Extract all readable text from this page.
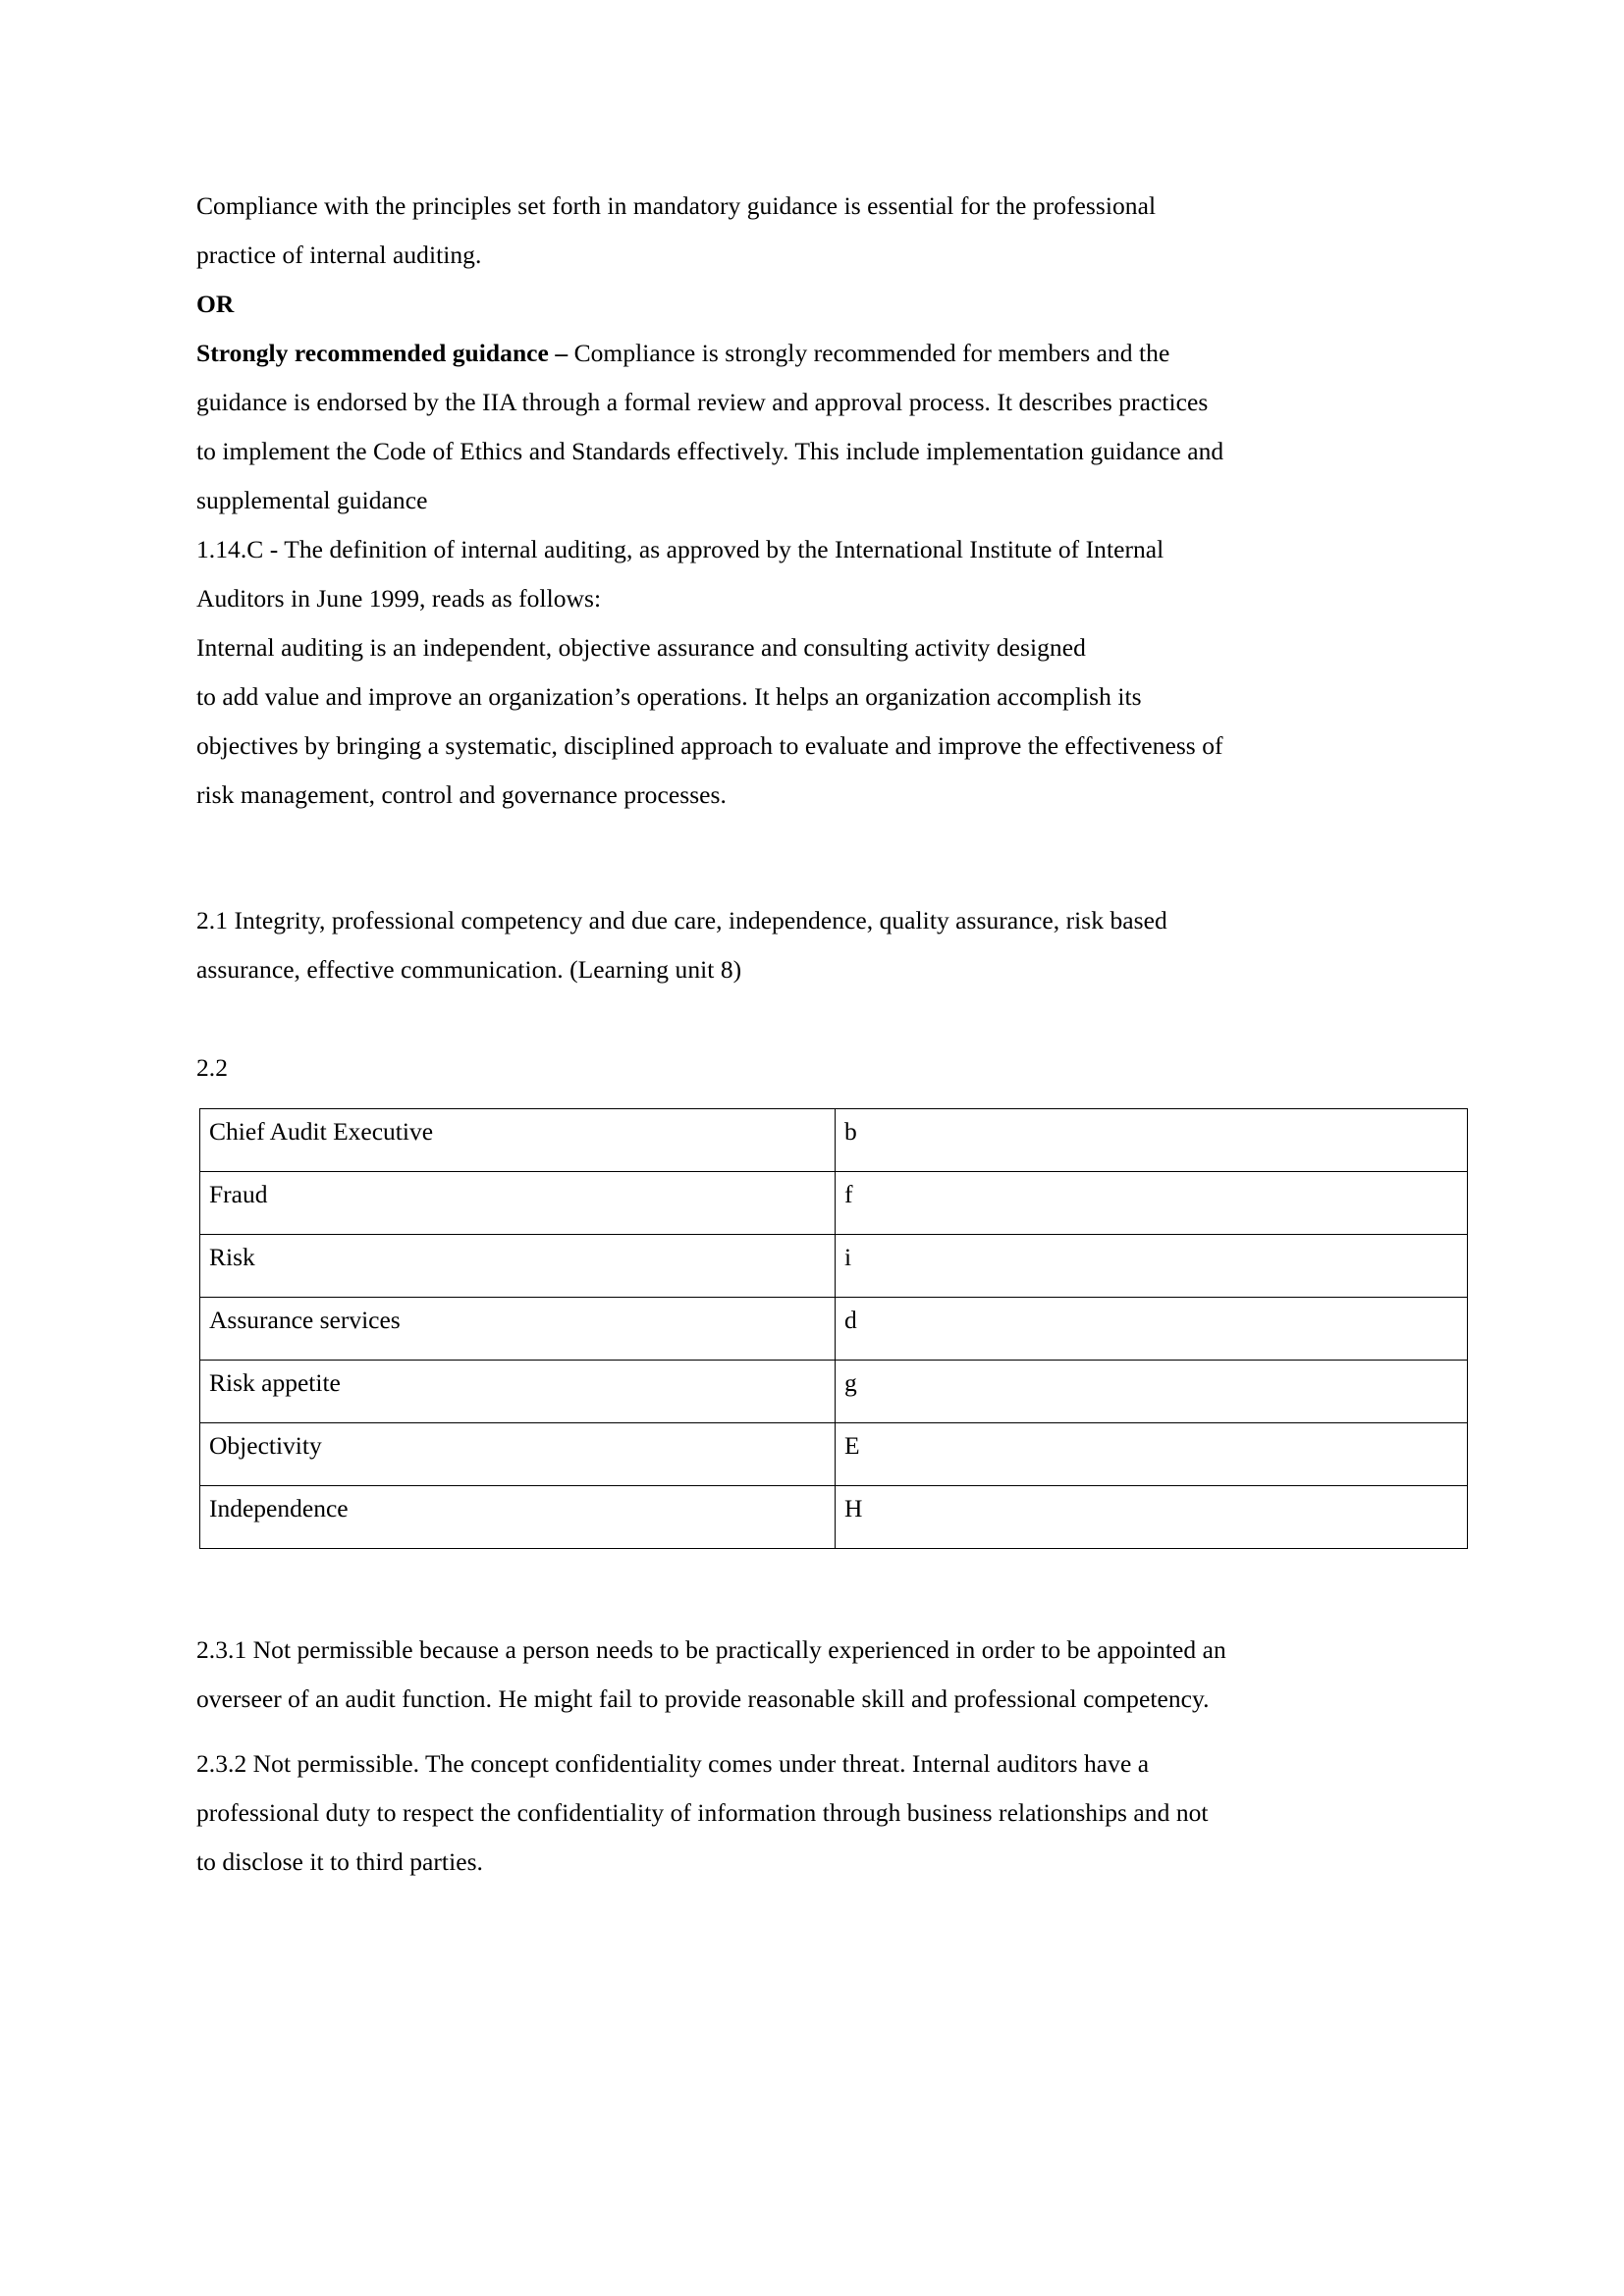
Compliance with the principles set forth in mandatory guidance is essential for the professional
practice of internal auditing.
OR
Strongly recommended guidance – Compliance is strongly recommended for members and the
guidance is endorsed by the IIA through a formal review and approval process. It describes practices
to implement the Code of Ethics and Standards effectively. This include implementation guidance and
supplemental guidance
1.14.C - The definition of internal auditing, as approved by the International Institute of Internal
Auditors in June 1999, reads as follows:
Internal auditing is an independent, objective assurance and consulting activity designed
to add value and improve an organization’s operations. It helps an organization accomplish its
objectives by bringing a systematic, disciplined approach to evaluate and improve the effectiveness of
risk management, control and governance processes.
2.1 Integrity, professional competency and due care, independence, quality assurance, risk based
assurance, effective communication. (Learning unit 8)
2.2
Chief Audit Executive	b
Fraud	f
Risk	i
Assurance services	d
Risk appetite	g
Objectivity	E
Independence	H
2.3.1 Not permissible because a person needs to be practically experienced in order to be appointed an
overseer of an audit function. He might fail to provide reasonable skill and professional competency.
2.3.2 Not permissible. The concept confidentiality comes under threat. Internal auditors have a
professional duty to respect the confidentiality of information through business relationships and not
to disclose it to third parties.
